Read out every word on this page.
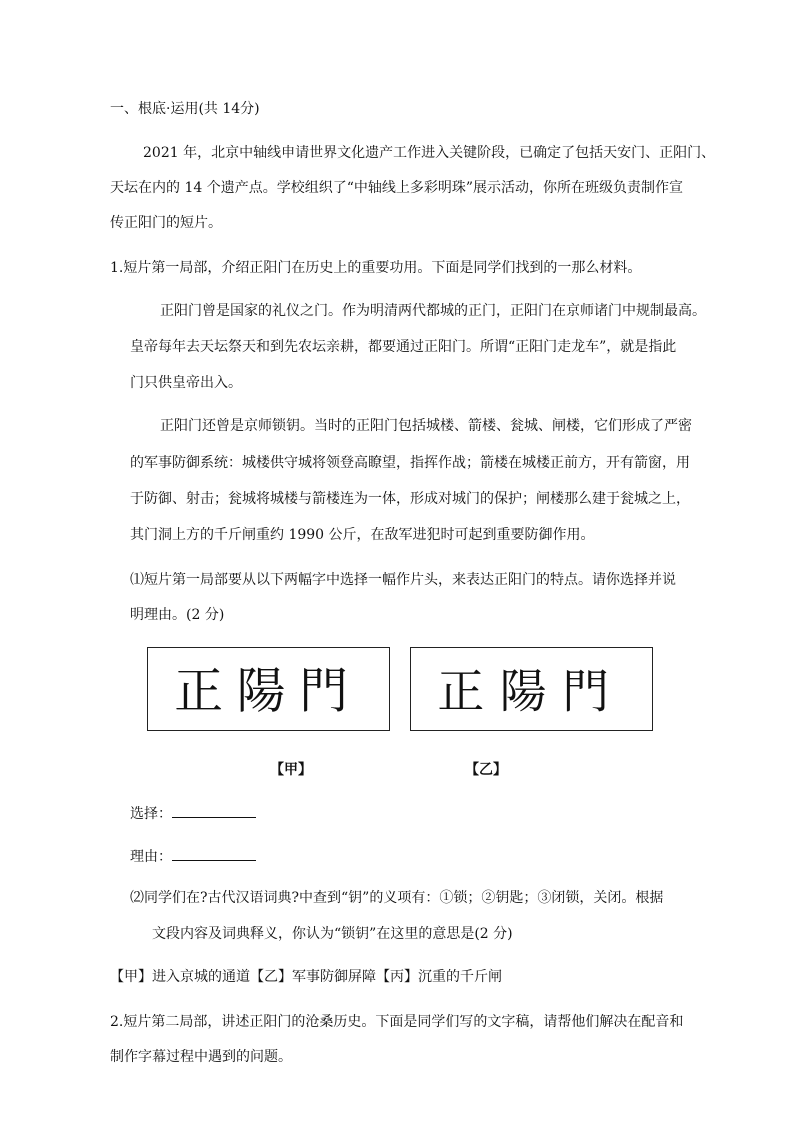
一、根底·运用(共 14分)
2021 年，北京中轴线申请世界文化遗产工作进入关键阶段，已确定了包括天安门、正阳门、
天坛在内的 14 个遗产点。学校组织了“中轴线上多彩明珠”展示活动，你所在班级负责制作宣
传正阳门的短片。
1.短片第一局部，介绍正阳门在历史上的重要功用。下面是同学们找到的一那么材料。
正阳门曾是国家的礼仪之门。作为明清两代都城的正门，正阳门在京师诸门中规制最高。
皇帝每年去天坛祭天和到先农坛亲耕，都要通过正阳门。所谓“正阳门走龙车”，就是指此
门只供皇帝出入。
正阳门还曾是京师锁钥。当时的正阳门包括城楼、箭楼、瓮城、闸楼，它们形成了严密
的军事防御系统：城楼供守城将领登高瞭望，指挥作战；箭楼在城楼正前方，开有箭窗，用
于防御、射击；瓮城将城楼与箭楼连为一体，形成对城门的保护；闸楼那么建于瓮城之上，
其门洞上方的千斤闸重约 1990 公斤，在敌军进犯时可起到重要防御作用。
⑴短片第一局部要从以下两幅字中选择一幅作片头，来表达正阳门的特点。请你选择并说
明理由。(2 分)
正陽門 正陽門
【甲】	【乙】
选择：
理由：
⑵同学们在?古代汉语词典?中查到“钥”的义项有：①锁；②钥匙；③闭锁，关闭。根据
文段内容及词典释义，你认为“锁钥”在这里的意思是(2 分)
【甲】进入京城的通道【乙】军事防御屏障【丙】沉重的千斤闸
2.短片第二局部，讲述正阳门的沧桑历史。下面是同学们写的文字稿，请帮他们解决在配音和
制作字幕过程中遇到的问题。
